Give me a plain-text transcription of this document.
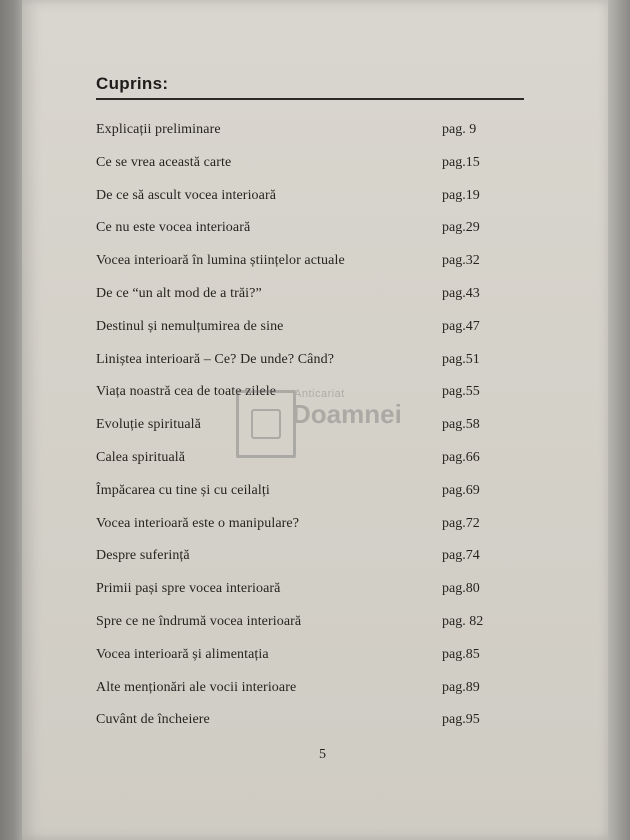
Cuprins:
Explicații preliminare	pag. 9
Ce se vrea această carte	pag.15
De ce să ascult vocea interioară	pag.19
Ce nu este vocea interioară	pag.29
Vocea interioară în lumina științelor actuale	pag.32
De ce “un alt mod de a trăi?”	pag.43
Destinul și nemulțumirea de sine	pag.47
Liniștea interioară – Ce? De unde? Când?	pag.51
Viața noastră cea de toate zilele	pag.55
Evoluție spirituală	pag.58
Calea spirituală	pag.66
Împăcarea cu tine și cu ceilalți	pag.69
Vocea interioară este o manipulare?	pag.72
Despre suferință	pag.74
Primii pași spre vocea interioară	pag.80
Spre ce ne îndrumă vocea interioară	pag. 82
Vocea interioară și alimentația	pag.85
Alte menționări ale vocii interioare	pag.89
Cuvânt de încheiere	pag.95
Anticariat
Doamnei
5
